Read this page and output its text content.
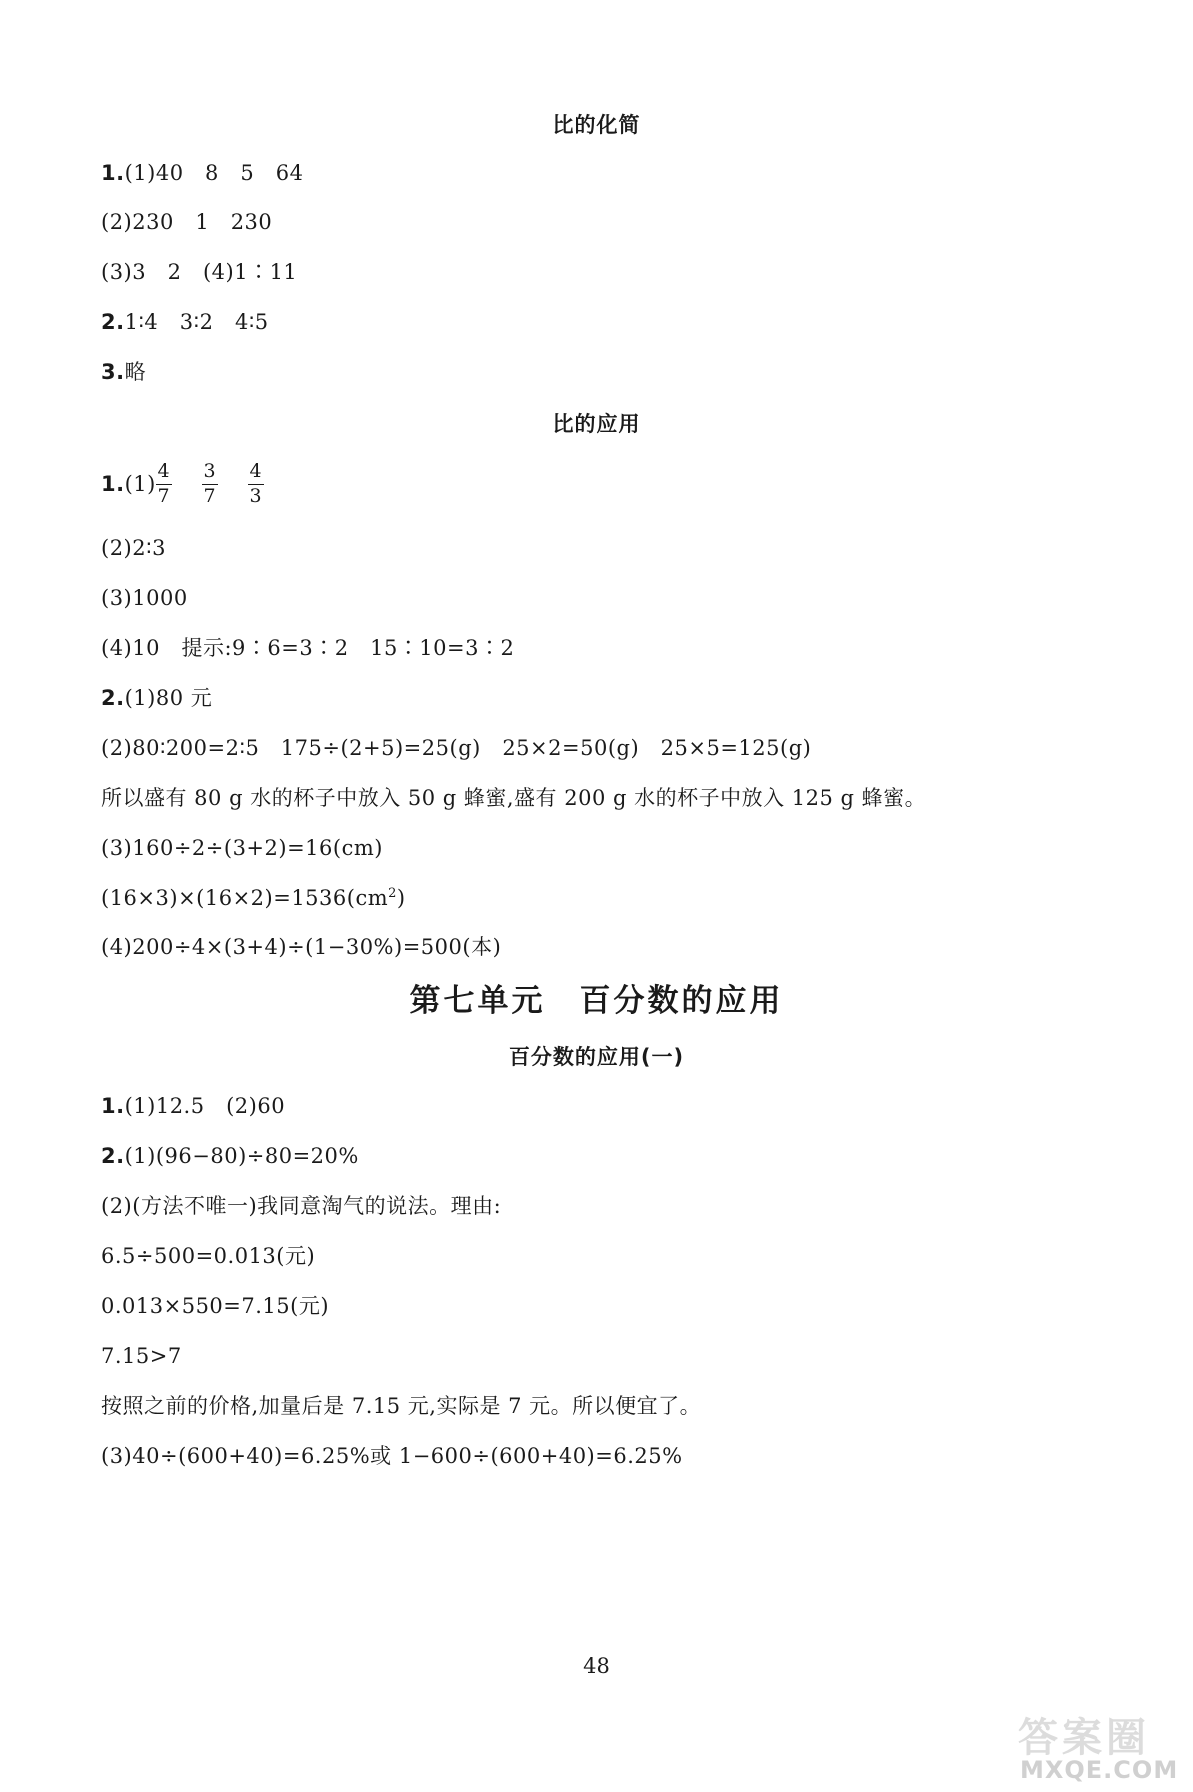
比的化简
1.(1)40　8　5　64
(2)230　1　230
(3)3　2　(4)1∶11
2.1∶4　3∶2　4∶5
3.略
比的应用
1. $(1) \frac{4}{7} \frac{3}{7} \frac{4}{3}$
(2)2∶3
(3)1000
(4)10　提示:9∶6=3∶2　15∶10=3∶2
2.(1)80 元
(2)80∶200=2∶5　175÷(2+5)=25(g)　25×2=50(g)　25×5=125(g)
所以盛有 80 g 水的杯子中放入 50 g 蜂蜜,盛有 200 g 水的杯子中放入 125 g 蜂蜜。
(3)160÷2÷(3+2)=16(cm)
$(16\times 3)\times(16\times 2)=1536(cm^2)$
(4)200÷4×(3+4)÷(1−30%)=500(本)
第七单元　百分数的应用
百分数的应用(一)
1.(1)12.5　(2)60
2.(1)(96−80)÷80=20%
(2)(方法不唯一)我同意淘气的说法。理由:
6.5÷500=0.013(元)
0.013×550=7.15(元)
7.15>7
按照之前的价格,加量后是 7.15 元,实际是 7 元。所以便宜了。
(3)40÷(600+40)=6.25%或 1−600÷(600+40)=6.25%
48
答案圈
MXQE.COM
